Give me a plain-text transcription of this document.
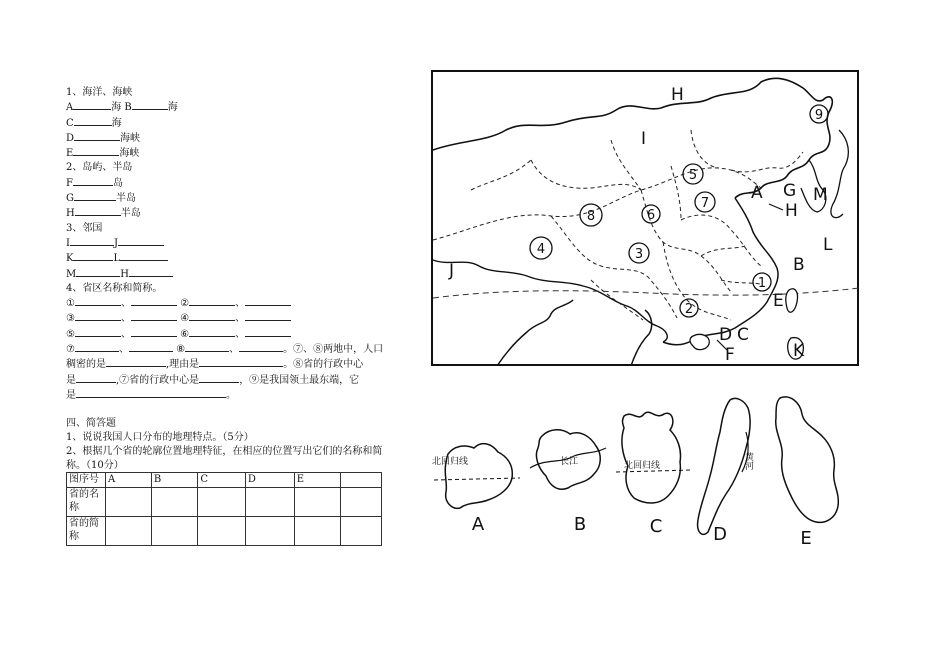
1、海洋、海峡
A	海 B	海
C	海
D	海峡
E	海峡
2、岛屿、半岛
F	岛
G	半岛
H	半岛
3、邻国
I	J
K	L
M	H
4、省区名称和简称。
①	、	②	、
③	、	④	、
⑤	、	⑥	、
⑦	、	⑧	、	。⑦、⑧两地中，人口
稠密的是	,理由是	。⑧省的行政中心
是	,⑦省的行政中心是	，⑨是我国领土最东端，它
是	。
四、简答题
1、说说我国人口分布的地理特点。（5分）
2、根据几个省的轮廓位置地理特征，在相应的位置写出它们的名称和简称。（10分）
图序号	A	B	C	D	E	
省的名称						
省的简称						
4
8	6
3
5
7
2
1
9
H
I
J
A G
H
M
L
B
E
D C
F	K
北回归线	长江	北回归线	黄河
A	B	C	D	E
